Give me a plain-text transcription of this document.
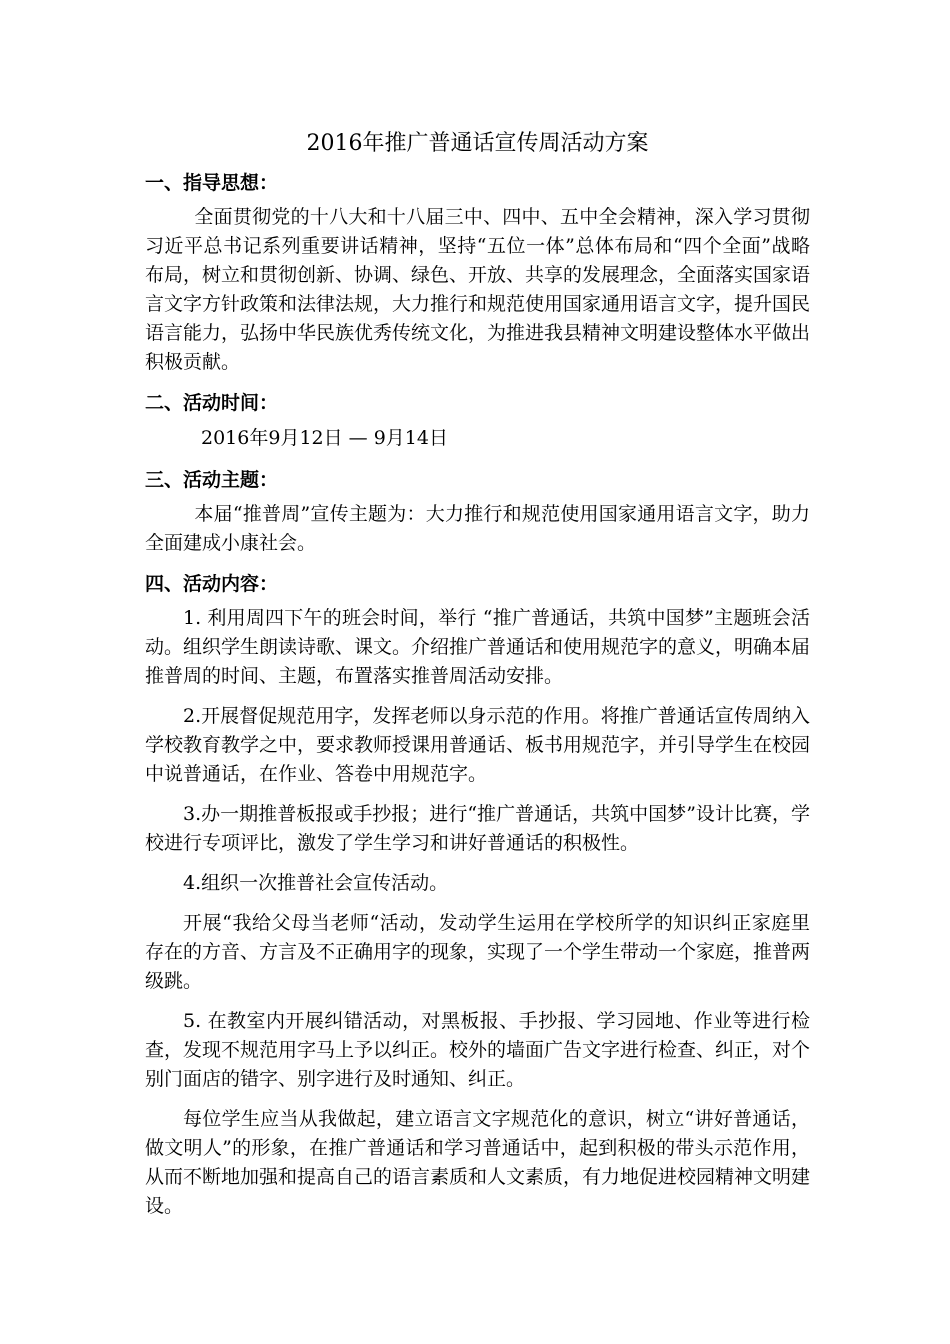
2016年推广普通话宣传周活动方案
一、指导思想：

全面贯彻党的十八大和十八届三中、四中、五中全会精神，深入学习贯彻习近平总书记系列重要讲话精神，坚持“五位一体”总体布局和“四个全面”战略布局，树立和贯彻创新、协调、绿色、开放、共享的发展理念，全面落实国家语言文字方针政策和法律法规，大力推行和规范使用国家通用语言文字，提升国民语言能力，弘扬中华民族优秀传统文化，为推进我县精神文明建设整体水平做出积极贡献。

二、活动时间：
2016年9月12日 — 9月14日
三、活动主题：

本届“推普周”宣传主题为：大力推行和规范使用国家通用语言文字，助力全面建成小康社会。

四、活动内容：

1. 利用周四下午的班会时间，举行 “推广普通话，共筑中国梦”主题班会活动。组织学生朗读诗歌、课文。介绍推广普通话和使用规范字的意义，明确本届推普周的时间、主题，布置落实推普周活动安排。

2.开展督促规范用字，发挥老师以身示范的作用。将推广普通话宣传周纳入学校教育教学之中，要求教师授课用普通话、板书用规范字，并引导学生在校园中说普通话，在作业、答卷中用规范字。

3.办一期推普板报或手抄报；进行“推广普通话，共筑中国梦”设计比赛，学校进行专项评比，激发了学生学习和讲好普通话的积极性。

4.组织一次推普社会宣传活动。

开展“我给父母当老师“活动，发动学生运用在学校所学的知识纠正家庭里存在的方音、方言及不正确用字的现象，实现了一个学生带动一个家庭，推普两级跳。

5. 在教室内开展纠错活动，对黑板报、手抄报、学习园地、作业等进行检查，发现不规范用字马上予以纠正。校外的墙面广告文字进行检查、纠正，对个别门面店的错字、别字进行及时通知、纠正。

每位学生应当从我做起，建立语言文字规范化的意识，树立“讲好普通话，做文明人”的形象，在推广普通话和学习普通话中，起到积极的带头示范作用，从而不断地加强和提高自己的语言素质和人文素质，有力地促进校园精神文明建设。
